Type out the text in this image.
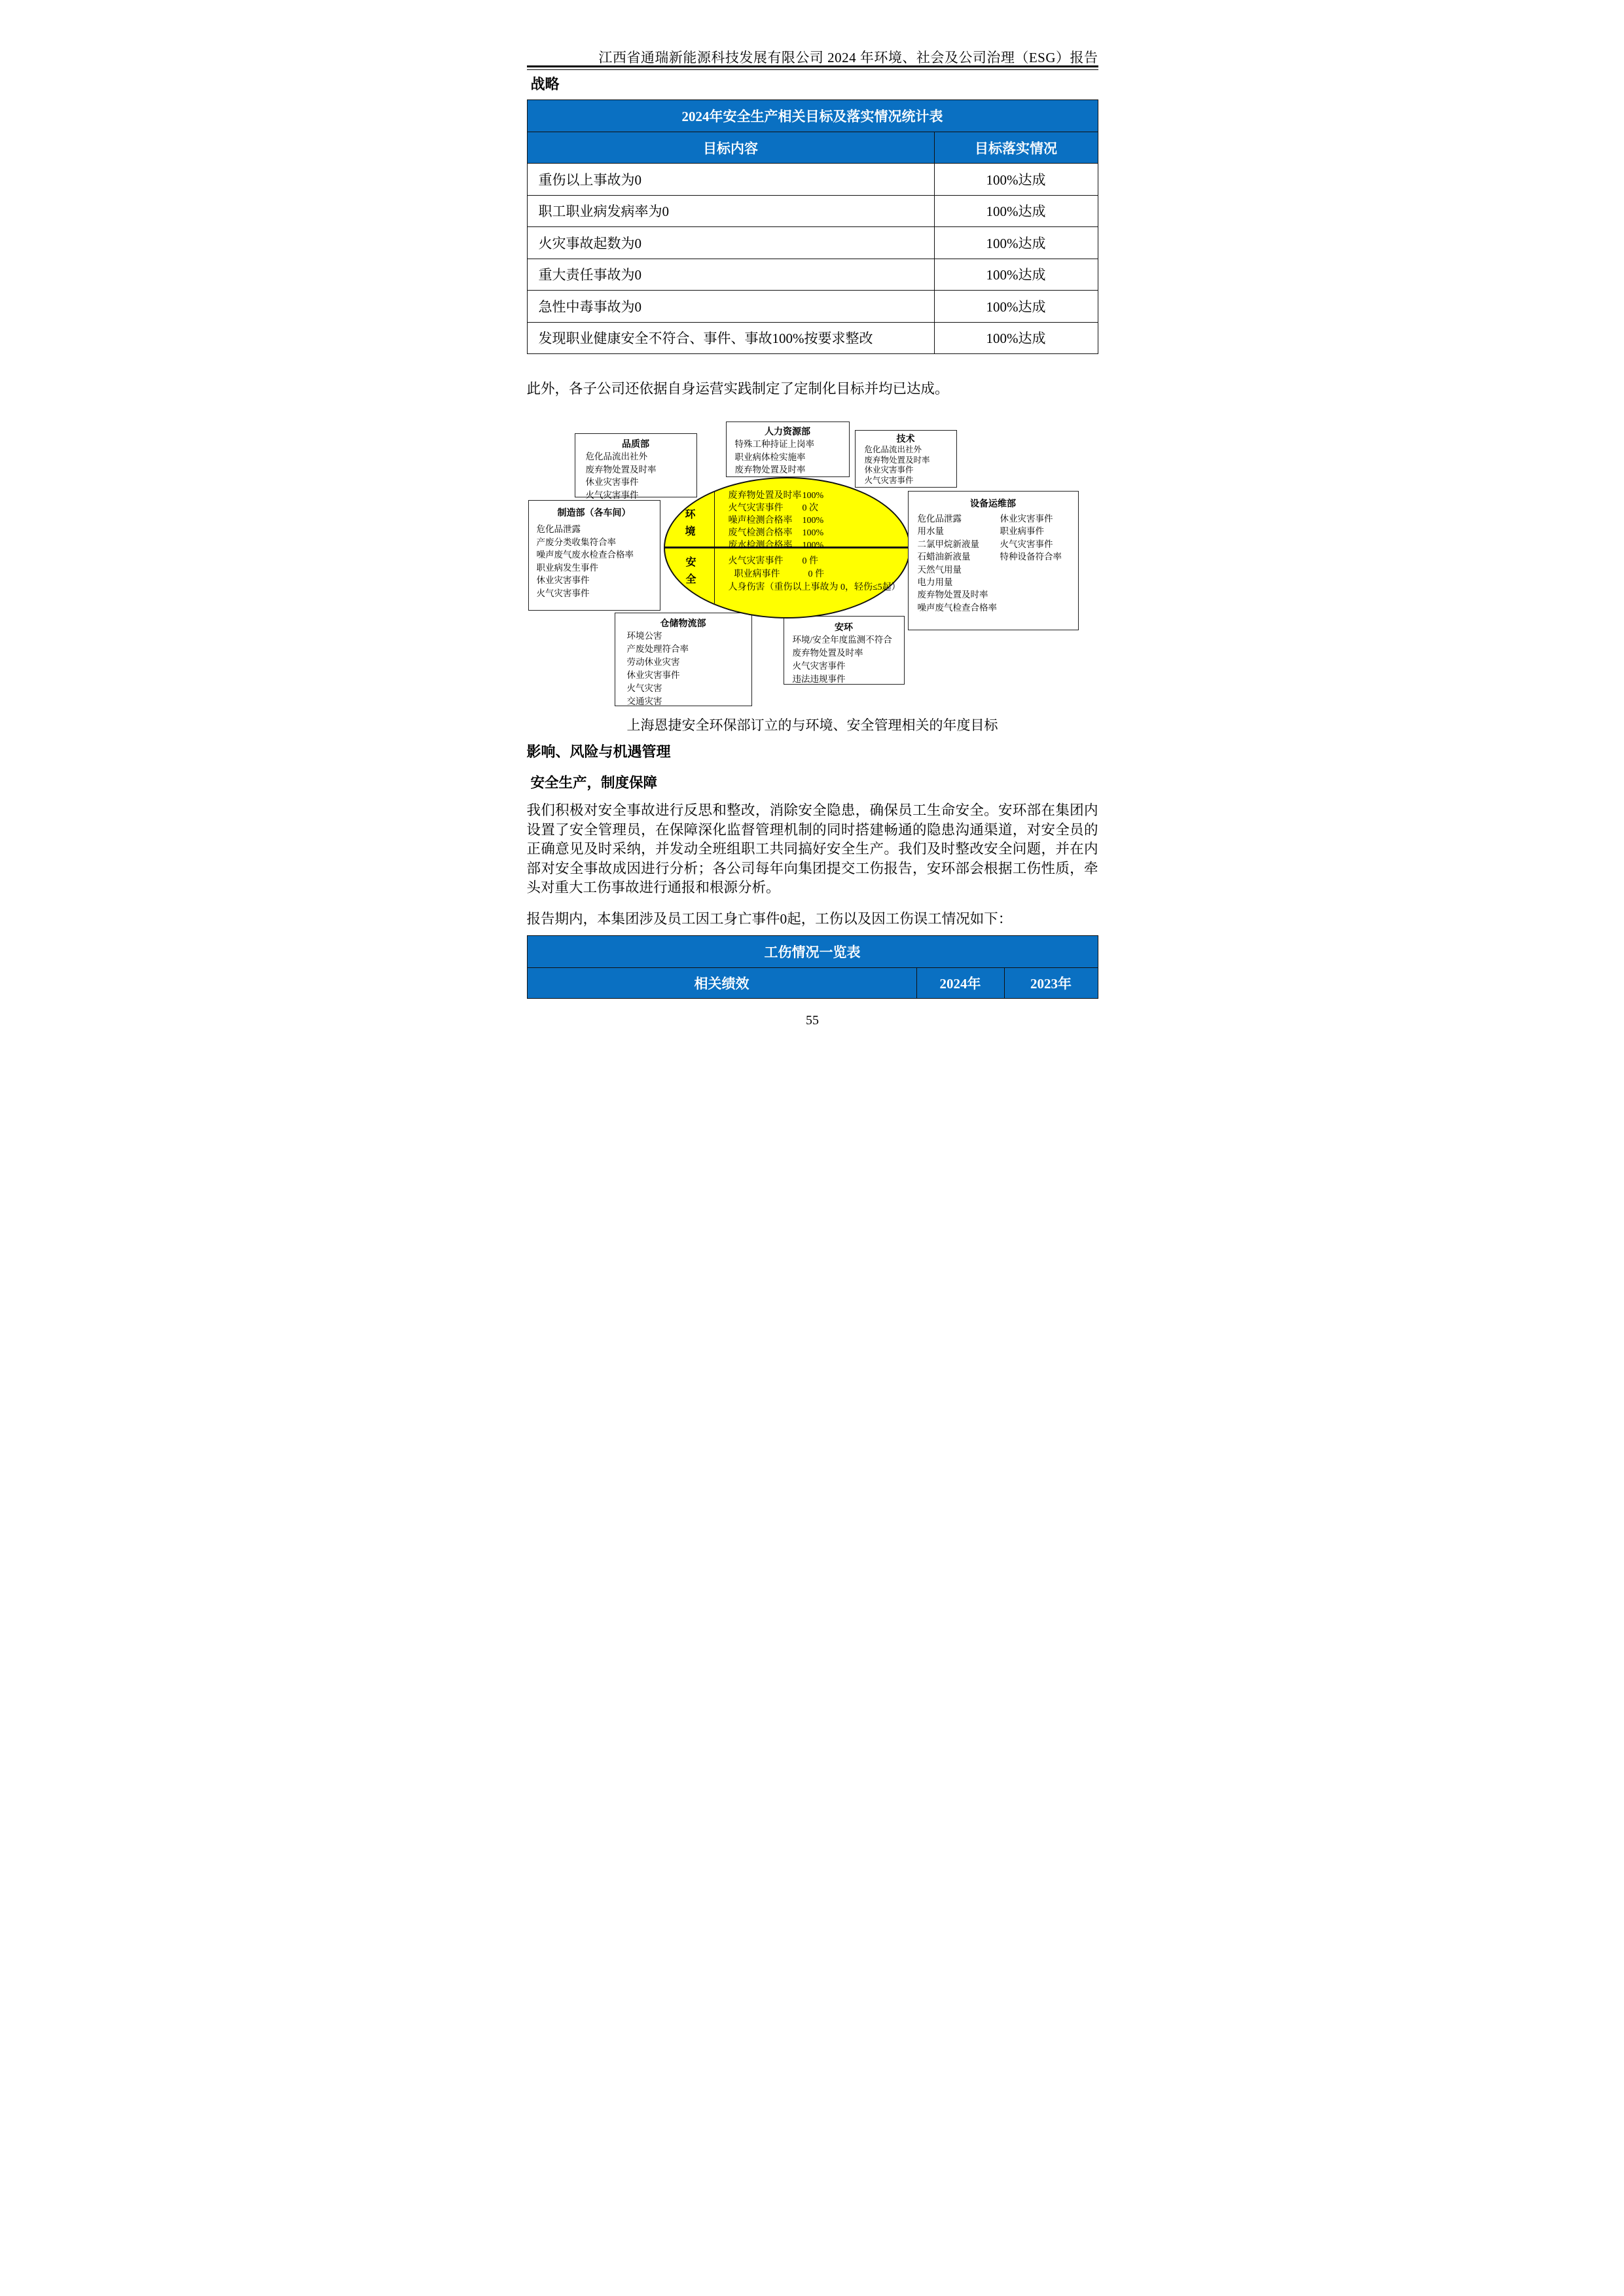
江西省通瑞新能源科技发展有限公司 2024 年环境、社会及公司治理（ESG）报告
战略
2024年安全生产相关目标及落实情况统计表
目标内容	目标落实情况
重伤以上事故为0	100%达成
职工职业病发病率为0	100%达成
火灾事故起数为0	100%达成
重大责任事故为0	100%达成
急性中毒事故为0	100%达成
发现职业健康安全不符合、事件、事故100%按要求整改	100%达成
此外，各子公司还依据自身运营实践制定了定制化目标并均已达成。
环境
安全
废弃物处置及时率 100%
火气灾害事件	0 次
噪声检测合格率	100%
废气检测合格率	100%
废水检测合格率	100%
火气灾害事件	0 件
职业病事件	0 件
人身伤害（重伤以上事故为 0，轻伤≤5起）
品质部
危化品流出社外
废弃物处置及时率
休业灾害事件
火气灾害事件
人力资源部
特殊工种持证上岗率
职业病体检实施率
废弃物处置及时率
技术
危化品流出社外
废弃物处置及时率
休业灾害事件
火气灾害事件
制造部（各车间）
危化品泄露
产废分类收集符合率
噪声废气废水检查合格率
职业病发生事件
休业灾害事件
火气灾害事件
设备运维部
危化品泄露
用水量
二氯甲烷新液量
石蜡油新液量
天然气用量
电力用量
废弃物处置及时率
噪声废气检查合格率
休业灾害事件
职业病事件
火气灾害事件
特种设备符合率
仓储物流部
环境公害
产废处理符合率
劳动休业灾害
休业灾害事件
火气灾害
交通灾害
安环
环境/安全年度监测不符合
废弃物处置及时率
火气灾害事件
违法违规事件
上海恩捷安全环保部订立的与环境、安全管理相关的年度目标
影响、风险与机遇管理
安全生产，制度保障
我们积极对安全事故进行反思和整改，消除安全隐患，确保员工生命安全。安环部在集团内设置了安全管理员，在保障深化监督管理机制的同时搭建畅通的隐患沟通渠道，对安全员的正确意见及时采纳，并发动全班组职工共同搞好安全生产。我们及时整改安全问题，并在内部对安全事故成因进行分析；各公司每年向集团提交工伤报告，安环部会根据工伤性质，牵头对重大工伤事故进行通报和根源分析。
报告期内，本集团涉及员工因工身亡事件0起，工伤以及因工伤误工情况如下：
工伤情况一览表
相关绩效	2024年	2023年
55
